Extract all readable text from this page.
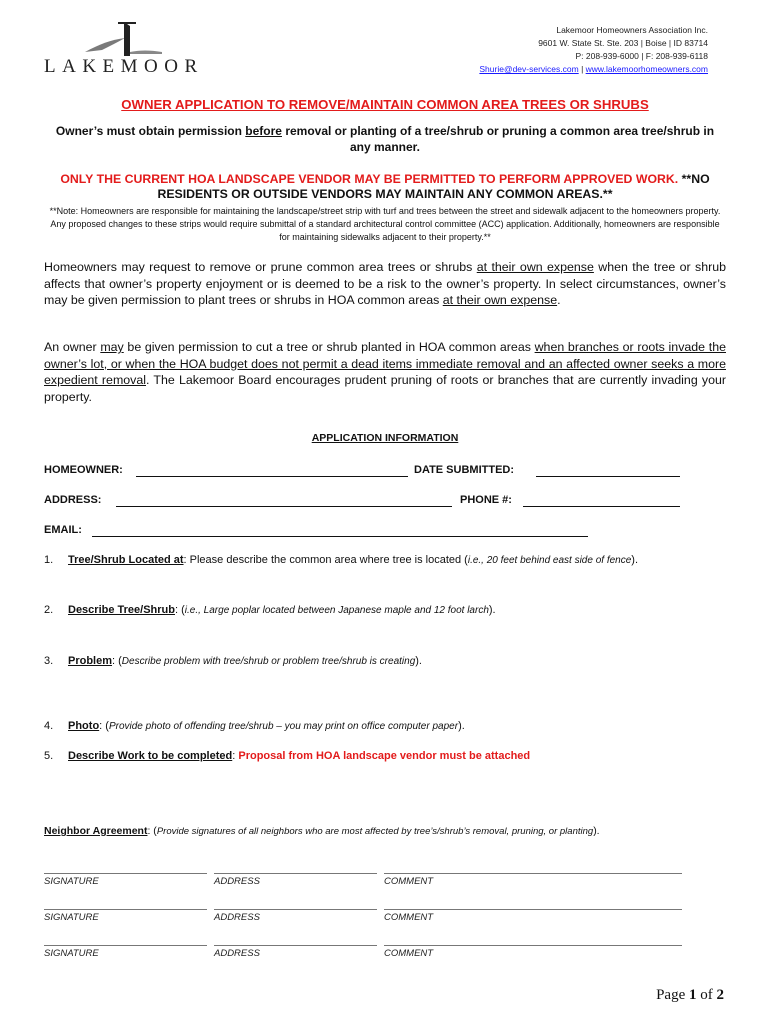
LAKEMOOR
Lakemoor Homeowners Association Inc.
9601 W. State St. Ste. 203 | Boise | ID 83714
P: 208-939-6000 | F: 208-939-6118
Shurie@dev-services.com | www.lakemoorhomeowners.com
OWNER APPLICATION TO REMOVE/MAINTAIN COMMON AREA TREES OR SHRUBS
Owner’s must obtain permission before removal or planting of a tree/shrub or pruning a common area tree/shrub in any manner.
ONLY THE CURRENT HOA LANDSCAPE VENDOR MAY BE PERMITTED TO PERFORM APPROVED WORK. **NO RESIDENTS OR OUTSIDE VENDORS MAY MAINTAIN ANY COMMON AREAS.**
**Note: Homeowners are responsible for maintaining the landscape/street strip with turf and trees between the street and sidewalk adjacent to the homeowners property. Any proposed changes to these strips would require submittal of a standard architectural control committee (ACC) application. Additionally, homeowners are responsible for maintaining sidewalks adjacent to their property.**
Homeowners may request to remove or prune common area trees or shrubs at their own expense when the tree or shrub affects that owner’s property enjoyment or is deemed to be a risk to the owner’s property. In select circumstances, owner’s may be given permission to plant trees or shrubs in HOA common areas at their own expense.
An owner may be given permission to cut a tree or shrub planted in HOA common areas when branches or roots invade the owner’s lot, or when the HOA budget does not permit a dead items immediate removal and an affected owner seeks a more expedient removal. The Lakemoor Board encourages prudent pruning of roots or branches that are currently invading your property.
APPLICATION INFORMATION
HOMEOWNER:	DATE SUBMITTED:
ADDRESS:	PHONE #:
EMAIL:
1. Tree/Shrub Located at: Please describe the common area where tree is located (i.e., 20 feet behind east side of fence).
2. Describe Tree/Shrub: (i.e., Large poplar located between Japanese maple and 12 foot larch).
3. Problem: (Describe problem with tree/shrub or problem tree/shrub is creating).
4. Photo: (Provide photo of offending tree/shrub – you may print on office computer paper).
5. Describe Work to be completed: Proposal from HOA landscape vendor must be attached
Neighbor Agreement: (Provide signatures of all neighbors who are most affected by tree’s/shrub’s removal, pruning, or planting).
SIGNATURE	ADDRESS	COMMENT
SIGNATURE	ADDRESS	COMMENT
SIGNATURE	ADDRESS	COMMENT
Page 1 of 2
